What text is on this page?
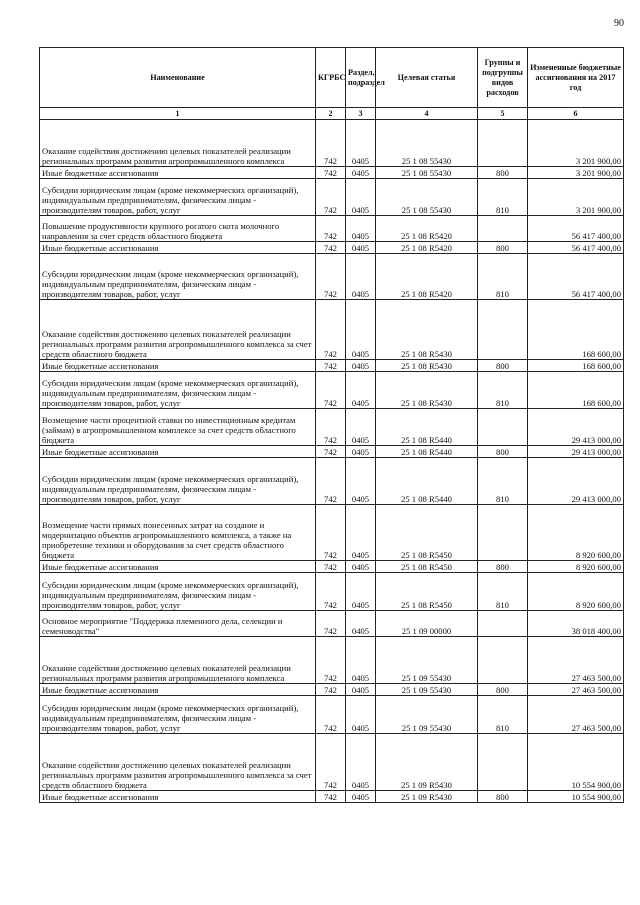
90
Наименование	КГРБС	Раздел, подраздел	Целевая статья	Группы и подгруппы видов расходов	Измененные бюджетные ассигнования на 2017 год
1	2	3	4	5	6
Оказание содействия достижению целевых показателей реализации региональных программ развития агропромышленного комплекса	742	0405	25 1 08 55430		3 201 900,00
Иные бюджетные ассигнования	742	0405	25 1 08 55430	800	3 201 900,00
Субсидии юридическим лицам (кроме некоммерческих организаций), индивидуальным предпринимателям, физическим лицам - производителям товаров, работ, услуг	742	0405	25 1 08 55430	810	3 201 900,00
Повышение продуктивности крупного рогатого скота молочного направления за счет средств областного бюджета	742	0405	25 1 08 R5420		56 417 400,00
Иные бюджетные ассигнования	742	0405	25 1 08 R5420	800	56 417 400,00
Субсидии юридическим лицам (кроме некоммерческих организаций), индивидуальным предпринимателям, физическим лицам - производителям товаров, работ, услуг	742	0405	25 1 08 R5420	810	56 417 400,00
Оказание содействия достижению целевых показателей реализации региональных программ развития агропромышленного комплекса за счет средств областного бюджета	742	0405	25 1 08 R5430		168 600,00
Иные бюджетные ассигнования	742	0405	25 1 08 R5430	800	168 600,00
Субсидии юридическим лицам (кроме некоммерческих организаций), индивидуальным предпринимателям, физическим лицам - производителям товаров, работ, услуг	742	0405	25 1 08 R5430	810	168 600,00
Возмещение части процентной ставки по инвестиционным кредитам (займам) в агропромышленном комплексе за счет средств областного бюджета	742	0405	25 1 08 R5440		29 413 000,00
Иные бюджетные ассигнования	742	0405	25 1 08 R5440	800	29 413 000,00
Субсидии юридическим лицам (кроме некоммерческих организаций), индивидуальным предпринимателям, физическим лицам - производителям товаров, работ, услуг	742	0405	25 1 08 R5440	810	29 413 000,00
Возмещение части прямых понесенных затрат на создание и модернизацию объектов агропромышленного комплекса, а также на приобретение техники и оборудования за счет средств областного бюджета	742	0405	25 1 08 R5450		8 920 600,00
Иные бюджетные ассигнования	742	0405	25 1 08 R5450	800	8 920 600,00
Субсидии юридическим лицам (кроме некоммерческих организаций), индивидуальным предпринимателям, физическим лицам - производителям товаров, работ, услуг	742	0405	25 1 08 R5450	810	8 920 600,00
Основное мероприятие "Поддержка племенного дела, селекции и семеноводства"	742	0405	25 1 09 00000		38 018 400,00
Оказание содействия достижению целевых показателей реализации региональных программ развития агропромышленного комплекса	742	0405	25 1 09 55430		27 463 500,00
Иные бюджетные ассигнования	742	0405	25 1 09 55430	800	27 463 500,00
Субсидии юридическим лицам (кроме некоммерческих организаций), индивидуальным предпринимателям, физическим лицам - производителям товаров, работ, услуг	742	0405	25 1 09 55430	810	27 463 500,00
Оказание содействия достижению целевых показателей реализации региональных программ развития агропромышленного комплекса за счет средств областного бюджета	742	0405	25 1 09 R5430		10 554 900,00
Иные бюджетные ассигнования	742	0405	25 1 09 R5430	800	10 554 900,00
